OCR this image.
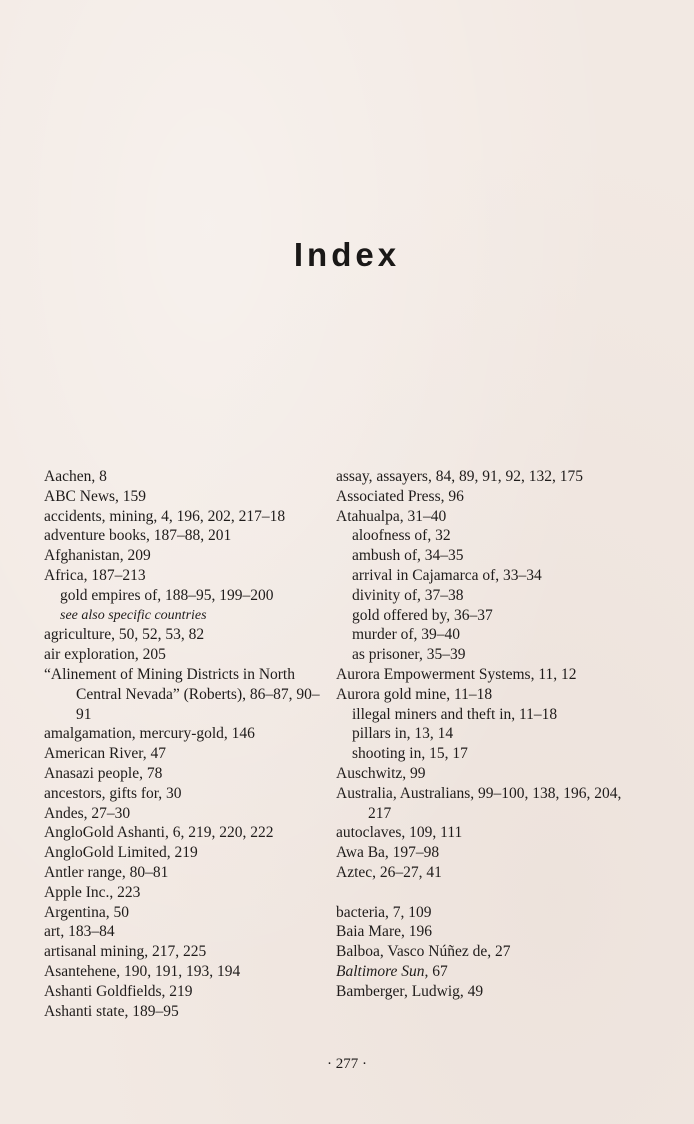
Index
Aachen, 8
ABC News, 159
accidents, mining, 4, 196, 202, 217–18
adventure books, 187–88, 201
Afghanistan, 209
Africa, 187–213
gold empires of, 188–95, 199–200
see also specific countries
agriculture, 50, 52, 53, 82
air exploration, 205
“Alinement of Mining Districts in North Central Nevada” (Roberts), 86–87, 90–91
amalgamation, mercury-gold, 146
American River, 47
Anasazi people, 78
ancestors, gifts for, 30
Andes, 27–30
AngloGold Ashanti, 6, 219, 220, 222
AngloGold Limited, 219
Antler range, 80–81
Apple Inc., 223
Argentina, 50
art, 183–84
artisanal mining, 217, 225
Asantehene, 190, 191, 193, 194
Ashanti Goldfields, 219
Ashanti state, 189–95
assay, assayers, 84, 89, 91, 92, 132, 175
Associated Press, 96
Atahualpa, 31–40
aloofness of, 32
ambush of, 34–35
arrival in Cajamarca of, 33–34
divinity of, 37–38
gold offered by, 36–37
murder of, 39–40
as prisoner, 35–39
Aurora Empowerment Systems, 11, 12
Aurora gold mine, 11–18
illegal miners and theft in, 11–18
pillars in, 13, 14
shooting in, 15, 17
Auschwitz, 99
Australia, Australians, 99–100, 138, 196, 204, 217
autoclaves, 109, 111
Awa Ba, 197–98
Aztec, 26–27, 41
bacteria, 7, 109
Baia Mare, 196
Balboa, Vasco Núñez de, 27
Baltimore Sun, 67
Bamberger, Ludwig, 49
· 277 ·
